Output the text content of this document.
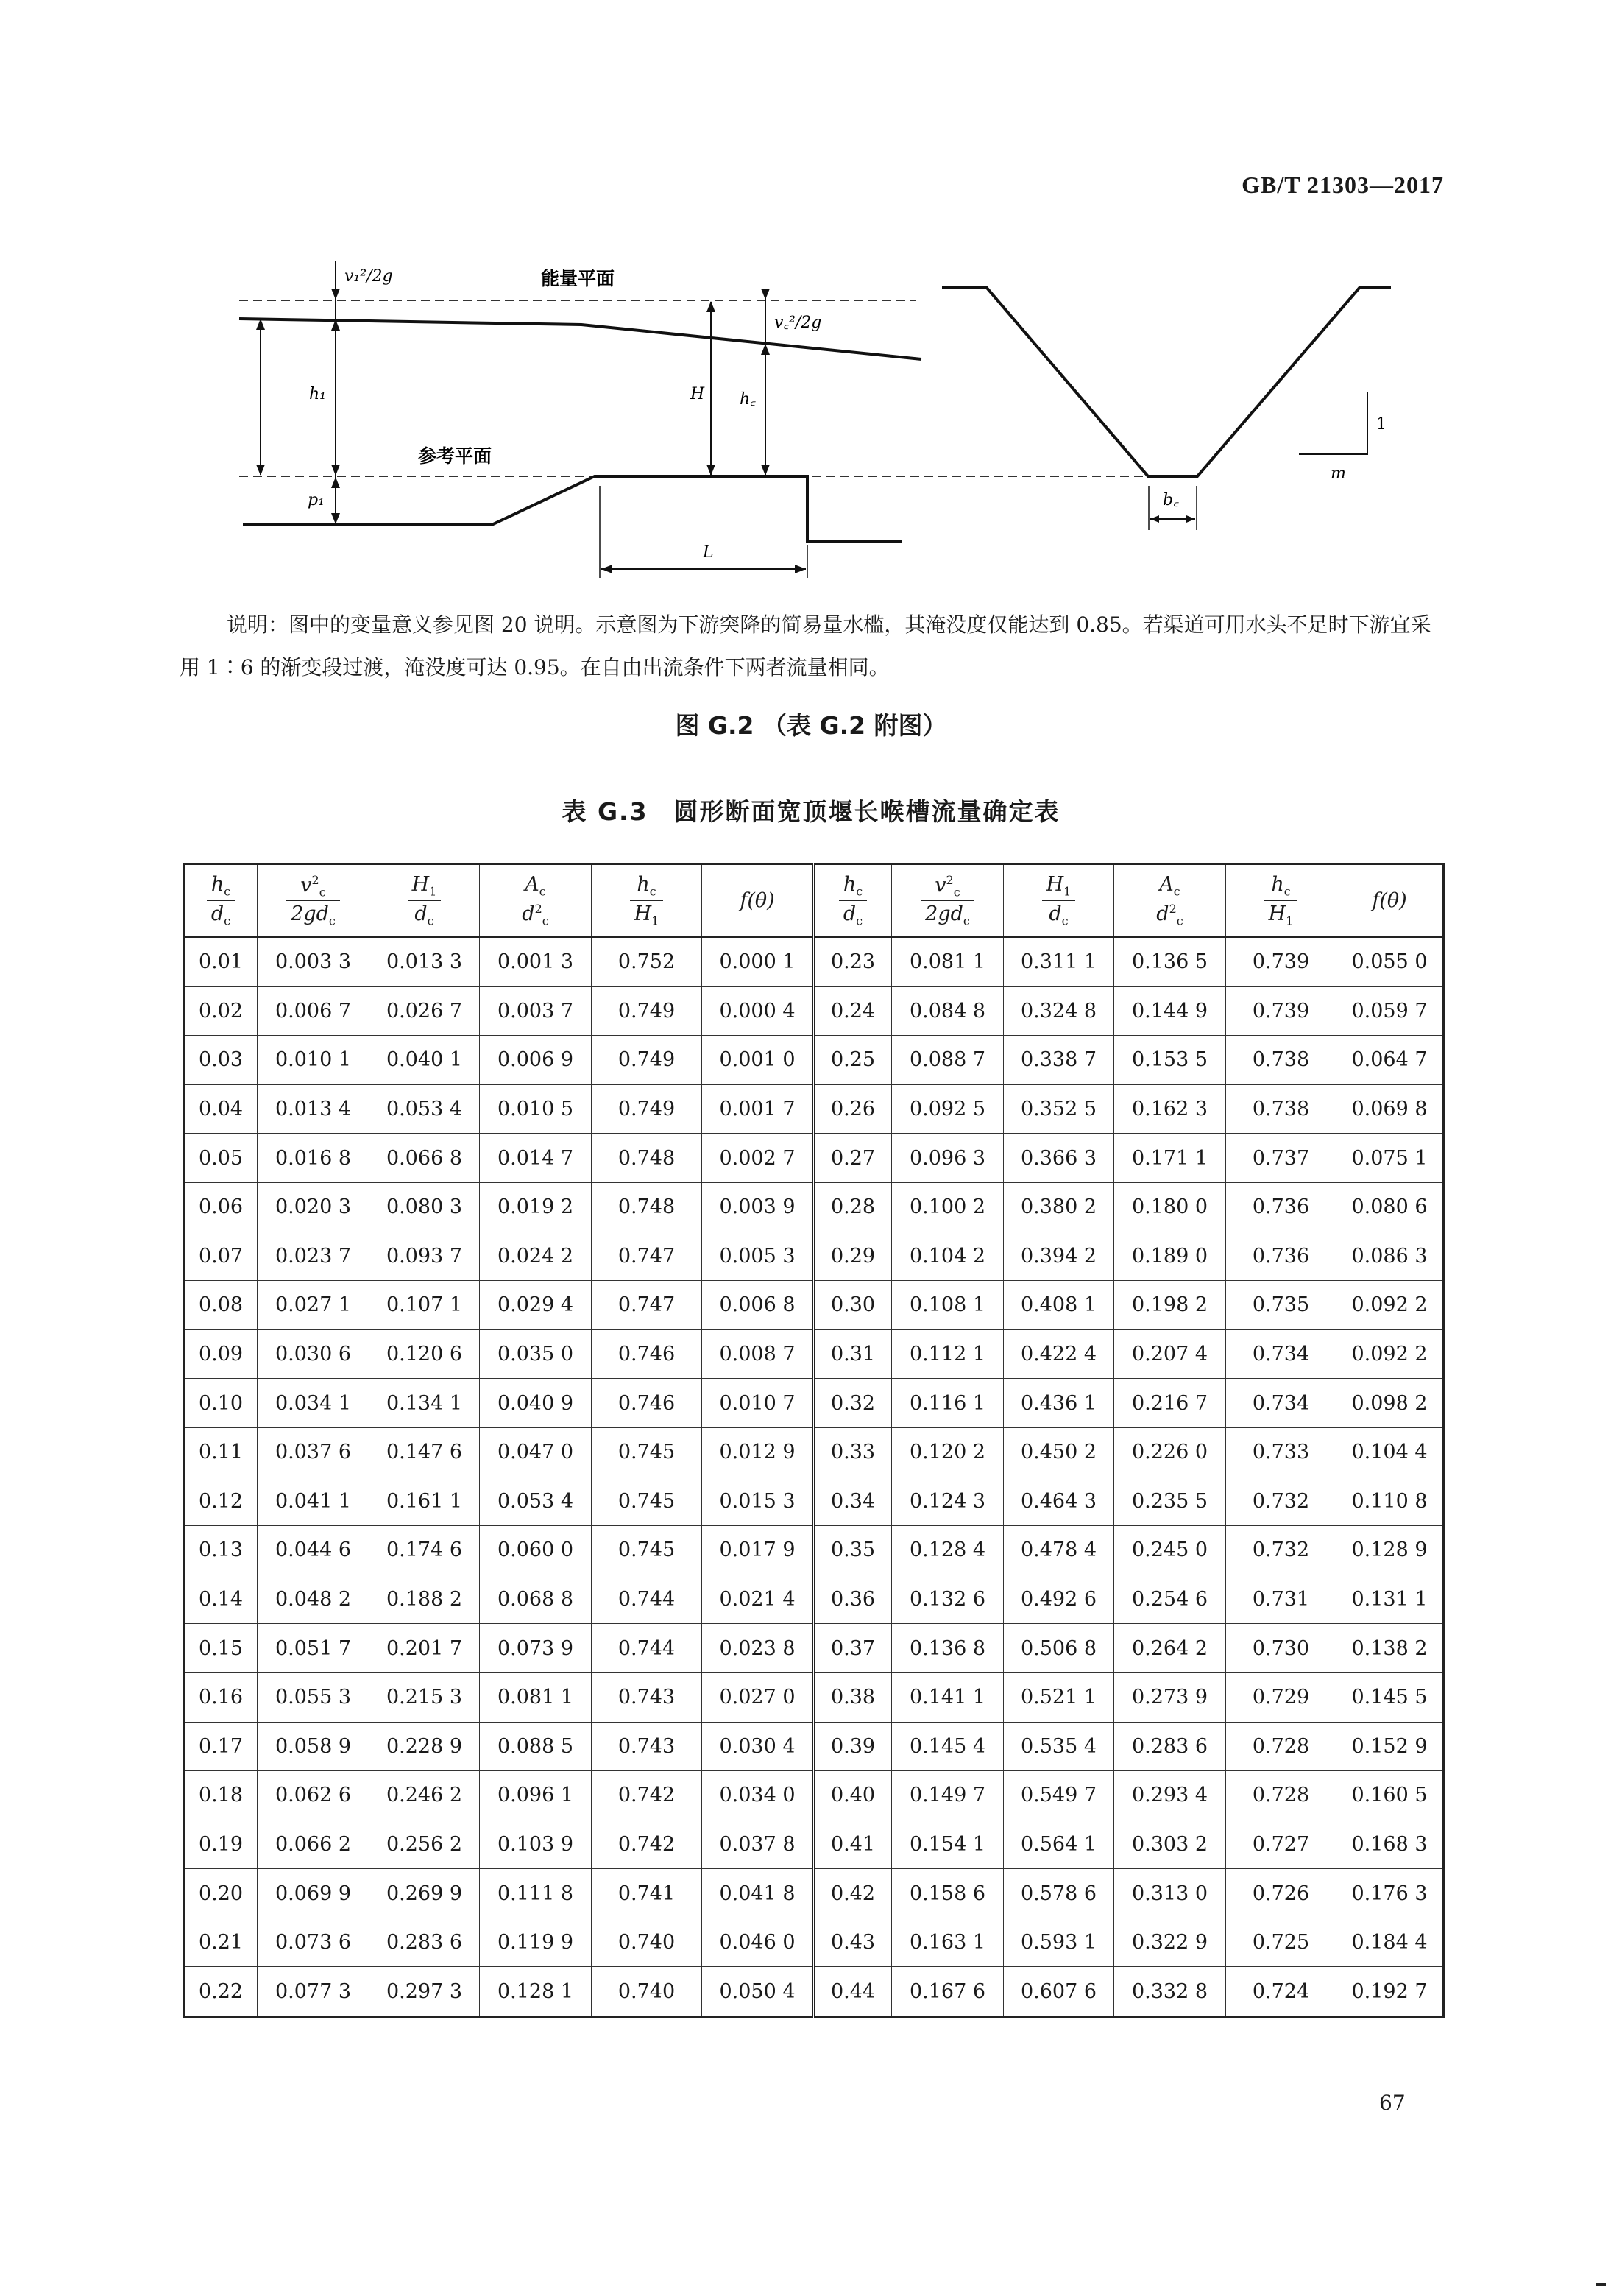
GB/T 21303—2017
v₁²/2g	能量平面
v꜀²/2g
h₁	H h꜀
参考平面
p₁
L
1
m
b꜀
说明：图中的变量意义参见图 20 说明。示意图为下游突降的简易量水槛，其淹没度仅能达到 0.85。若渠道可用水头不足时下游宜采用 1∶6 的渐变段过渡，淹没度可达 0.95。在自由出流条件下两者流量相同。
图 G.2 （表 G.2 附图）
表 G.3　圆形断面宽顶堰长喉槽流量确定表
$\frac{h_c}{d_c}$	$\frac{v^2_c}{2gd_c}$	$\frac{H_1}{d_c}$	$\frac{A_c}{d^2_c}$	$\frac{h_c}{H_1}$	f(θ)	$\frac{h_c}{d_c}$	$\frac{v^2_c}{2gd_c}$	$\frac{H_1}{d_c}$	$\frac{A_c}{d^2_c}$	$\frac{h_c}{H_1}$	f(θ)
0.01	0.003 3	0.013 3	0.001 3	0.752	0.000 1	0.23	0.081 1	0.311 1	0.136 5	0.739	0.055 0
0.02	0.006 7	0.026 7	0.003 7	0.749	0.000 4	0.24	0.084 8	0.324 8	0.144 9	0.739	0.059 7
0.03	0.010 1	0.040 1	0.006 9	0.749	0.001 0	0.25	0.088 7	0.338 7	0.153 5	0.738	0.064 7
0.04	0.013 4	0.053 4	0.010 5	0.749	0.001 7	0.26	0.092 5	0.352 5	0.162 3	0.738	0.069 8
0.05	0.016 8	0.066 8	0.014 7	0.748	0.002 7	0.27	0.096 3	0.366 3	0.171 1	0.737	0.075 1
0.06	0.020 3	0.080 3	0.019 2	0.748	0.003 9	0.28	0.100 2	0.380 2	0.180 0	0.736	0.080 6
0.07	0.023 7	0.093 7	0.024 2	0.747	0.005 3	0.29	0.104 2	0.394 2	0.189 0	0.736	0.086 3
0.08	0.027 1	0.107 1	0.029 4	0.747	0.006 8	0.30	0.108 1	0.408 1	0.198 2	0.735	0.092 2
0.09	0.030 6	0.120 6	0.035 0	0.746	0.008 7	0.31	0.112 1	0.422 4	0.207 4	0.734	0.092 2
0.10	0.034 1	0.134 1	0.040 9	0.746	0.010 7	0.32	0.116 1	0.436 1	0.216 7	0.734	0.098 2
0.11	0.037 6	0.147 6	0.047 0	0.745	0.012 9	0.33	0.120 2	0.450 2	0.226 0	0.733	0.104 4
0.12	0.041 1	0.161 1	0.053 4	0.745	0.015 3	0.34	0.124 3	0.464 3	0.235 5	0.732	0.110 8
0.13	0.044 6	0.174 6	0.060 0	0.745	0.017 9	0.35	0.128 4	0.478 4	0.245 0	0.732	0.128 9
0.14	0.048 2	0.188 2	0.068 8	0.744	0.021 4	0.36	0.132 6	0.492 6	0.254 6	0.731	0.131 1
0.15	0.051 7	0.201 7	0.073 9	0.744	0.023 8	0.37	0.136 8	0.506 8	0.264 2	0.730	0.138 2
0.16	0.055 3	0.215 3	0.081 1	0.743	0.027 0	0.38	0.141 1	0.521 1	0.273 9	0.729	0.145 5
0.17	0.058 9	0.228 9	0.088 5	0.743	0.030 4	0.39	0.145 4	0.535 4	0.283 6	0.728	0.152 9
0.18	0.062 6	0.246 2	0.096 1	0.742	0.034 0	0.40	0.149 7	0.549 7	0.293 4	0.728	0.160 5
0.19	0.066 2	0.256 2	0.103 9	0.742	0.037 8	0.41	0.154 1	0.564 1	0.303 2	0.727	0.168 3
0.20	0.069 9	0.269 9	0.111 8	0.741	0.041 8	0.42	0.158 6	0.578 6	0.313 0	0.726	0.176 3
0.21	0.073 6	0.283 6	0.119 9	0.740	0.046 0	0.43	0.163 1	0.593 1	0.322 9	0.725	0.184 4
0.22	0.077 3	0.297 3	0.128 1	0.740	0.050 4	0.44	0.167 6	0.607 6	0.332 8	0.724	0.192 7
67
